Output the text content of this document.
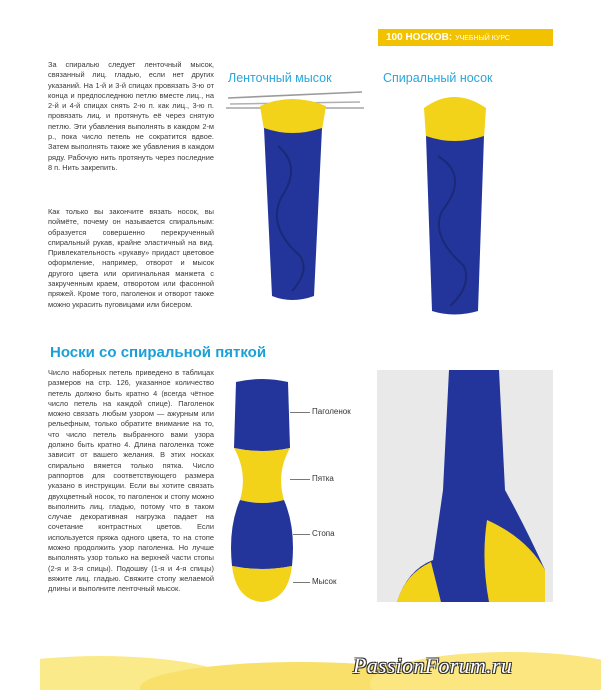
100 НОСКОВ: УЧЕБНЫЙ КУРС

За спиралью следует ленточный мысок, связанный лиц. гладью, если нет других указаний. На 1-й и 3-й спицах провязать 3-ю от конца и предпоследнюю петлю вместе лиц., на 2-й и 4-й спицах снять 2-ю п. как лиц., 3-ю п. провязать лиц. и протянуть её через снятую петлю. Эти убавления выполнять в каждом 2-м р., пока число петель не сократится вдвое. Затем выполнять также же убавления в каждом ряду. Рабочую нить протянуть через последние 8 п. Нить закрепить.

Как только вы закончите вязать носок, вы поймёте, почему он называется спиральным: образуется совершенно перекрученный спиральный рукав, крайне эластичный на вид. Привлекательность «рукаву» придаст цветовое оформление, например, отворот и мысок другого цвета или оригинальная манжета с закрученным краем, отворотом или фасонной пряжей. Кроме того, паголенок и отворот также можно украсить пуговицами или бисером.

Ленточный мысок	Спиральный носок
Носки со спиральной пяткой

Число наборных петель приведено в таблицах размеров на стр. 126, указанное количество петель должно быть кратно 4 (всегда чётное число петель на каждой спице). Паголенок можно связать любым узором — ажурным или рельефным, только обратите внимание на то, что число петель выбранного вами узора должно быть кратно 4. Длина паголенка тоже зависит от вашего желания. В этих носках спирально вяжется только пятка. Число раппортов для соответствующего размера указано в инструкции. Если вы хотите связать двухцветный носок, то паголенок и стопу можно выполнить лиц. гладью, потому что в таком случае декоративная нагрузка падает на сочетание контрастных цветов. Если используется пряжа одного цвета, то на стопе можно продолжить узор паголенка. Но лучше выполнять узор только на верхней части стопы (2-я и 3-я спицы). Подошву (1-я и 4-я спицы) вяжите лиц. гладью. Свяжите стопу желаемой длины и выполните ленточный мысок.

Паголенок
Пятка
Стопа
Мысок
PassionForum.ru
